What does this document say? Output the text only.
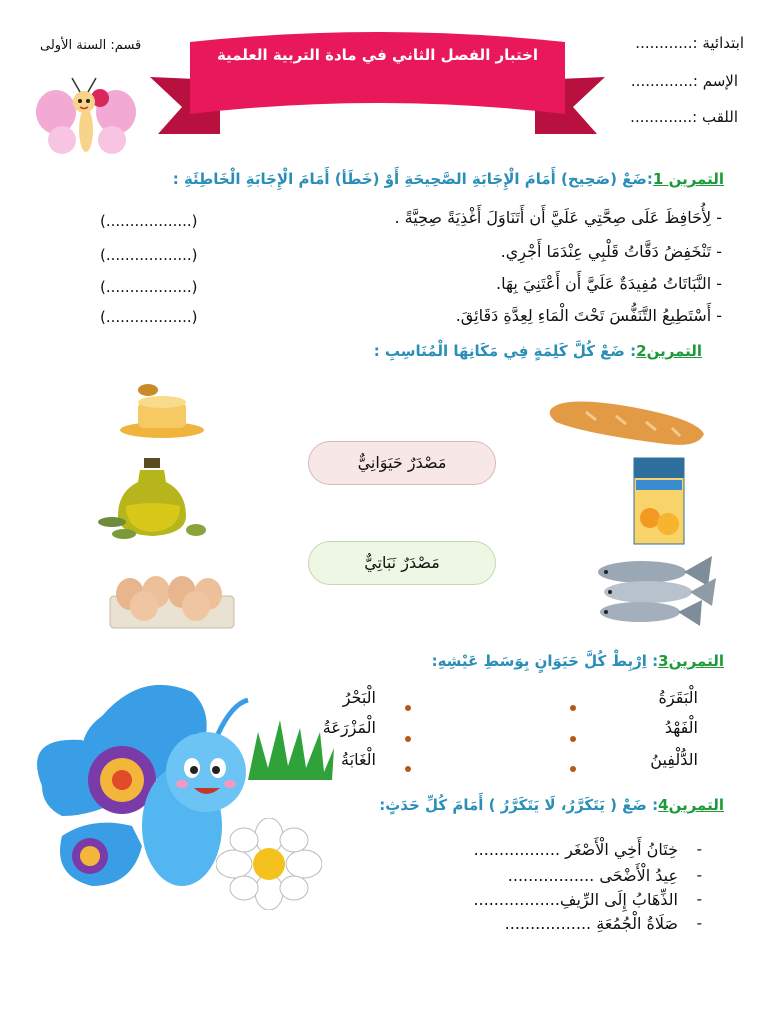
ابتدائية :............
الإسم :.............
اللقب :.............
قسم: السنة الأولى
اختبار الفصل الثاني في مادة التربية العلمية
التمرين 1:ضَعْ (صَحِيح) أَمَامَ الْإِجَابَةِ الصَّحِيحَةِ أَوْ (خَطَأ) أَمَامَ الْإِجَابَةِ الْخَاطِئَةِ :
- لِأُحَافِظَ عَلَى صِحَّتِي عَلَيَّ أَن أَتَنَاوَلَ أَغْذِيَةً صِحِيَّةً .
(..................)
- تَنْخَفِضُ دَقَّاتُ قَلْبِي عِنْدَمَا أَجْرِي.
(..................)
- النَّبَاتَاتُ مُفِيدَةٌ عَلَيَّ أَن أَعْتَنِيَ بِهَا.
(..................)
- أَسْتَطِيعُ التَّنَفُّسَ تَحْتَ الْمَاءِ لِعِدَّةِ دَقَائِقَ.
(..................)
التمرين2: ضَعْ كُلَّ كَلِمَةٍ فِي مَكَانِهَا الْمُنَاسِبِ :
مَصْدَرٌ حَيَوَانِيٌّ
مَصْدَرٌ نَبَاتِيٌّ
التمرين3: اِرْبِطْ كُلَّ حَيَوَانٍ بِوَسَطِ عَيْشِهِ:
الْبَقَرَةُ
الْفَهْدُ
الدُّلْفِينُ
الْبَحْرُ
الْمَزْرَعَةُ
الْغَابَةُ
التمرين4: ضَعْ ( يَتَكَرَّرُ، لَا يَتَكَرَّرُ ) أَمَامَ كُلِّ حَدَثٍ:
-
خِتَانُ أَخِي الْأَصْغَر .................
-
عِيدُ الْأَضْحَى .................
-
الذِّهَابُ إِلَى الرِّيفِ.................
-
صَلَاةُ الْجُمُعَةِ .................
